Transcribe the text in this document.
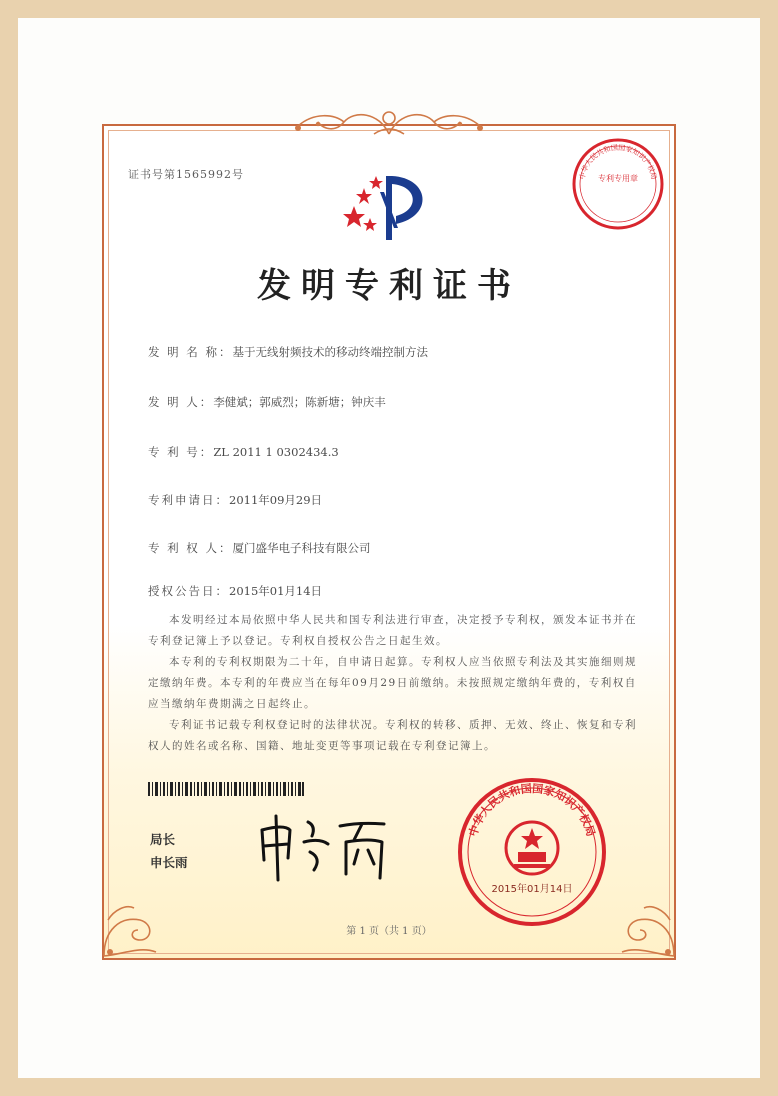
证书号第1565992号	专利专用章
中华人民共和国国家知识产权局
发明专利证书
发 明 名 称：基于无线射频技术的移动终端控制方法
发 明 人：李健斌；郭威烈；陈新塘；钟庆丰
专 利 号：ZL 2011 1 0302434.3
专利申请日：2011年09月29日
专 利 权 人：厦门盛华电子科技有限公司
授权公告日：2015年01月14日

本发明经过本局依照中华人民共和国专利法进行审查，决定授予专利权，颁发本证书并在专利登记簿上予以登记。专利权自授权公告之日起生效。

本专利的专利权期限为二十年，自申请日起算。专利权人应当依照专利法及其实施细则规定缴纳年费。本专利的年费应当在每年09月29日前缴纳。未按照规定缴纳年费的，专利权自应当缴纳年费期满之日起终止。

专利证书记载专利权登记时的法律状况。专利权的转移、质押、无效、终止、恢复和专利权人的姓名或名称、国籍、地址变更等事项记载在专利登记簿上。

局长
申长雨
中华人民共和国国家知识产权局
2015年01月14日
第 1 页（共 1 页）
